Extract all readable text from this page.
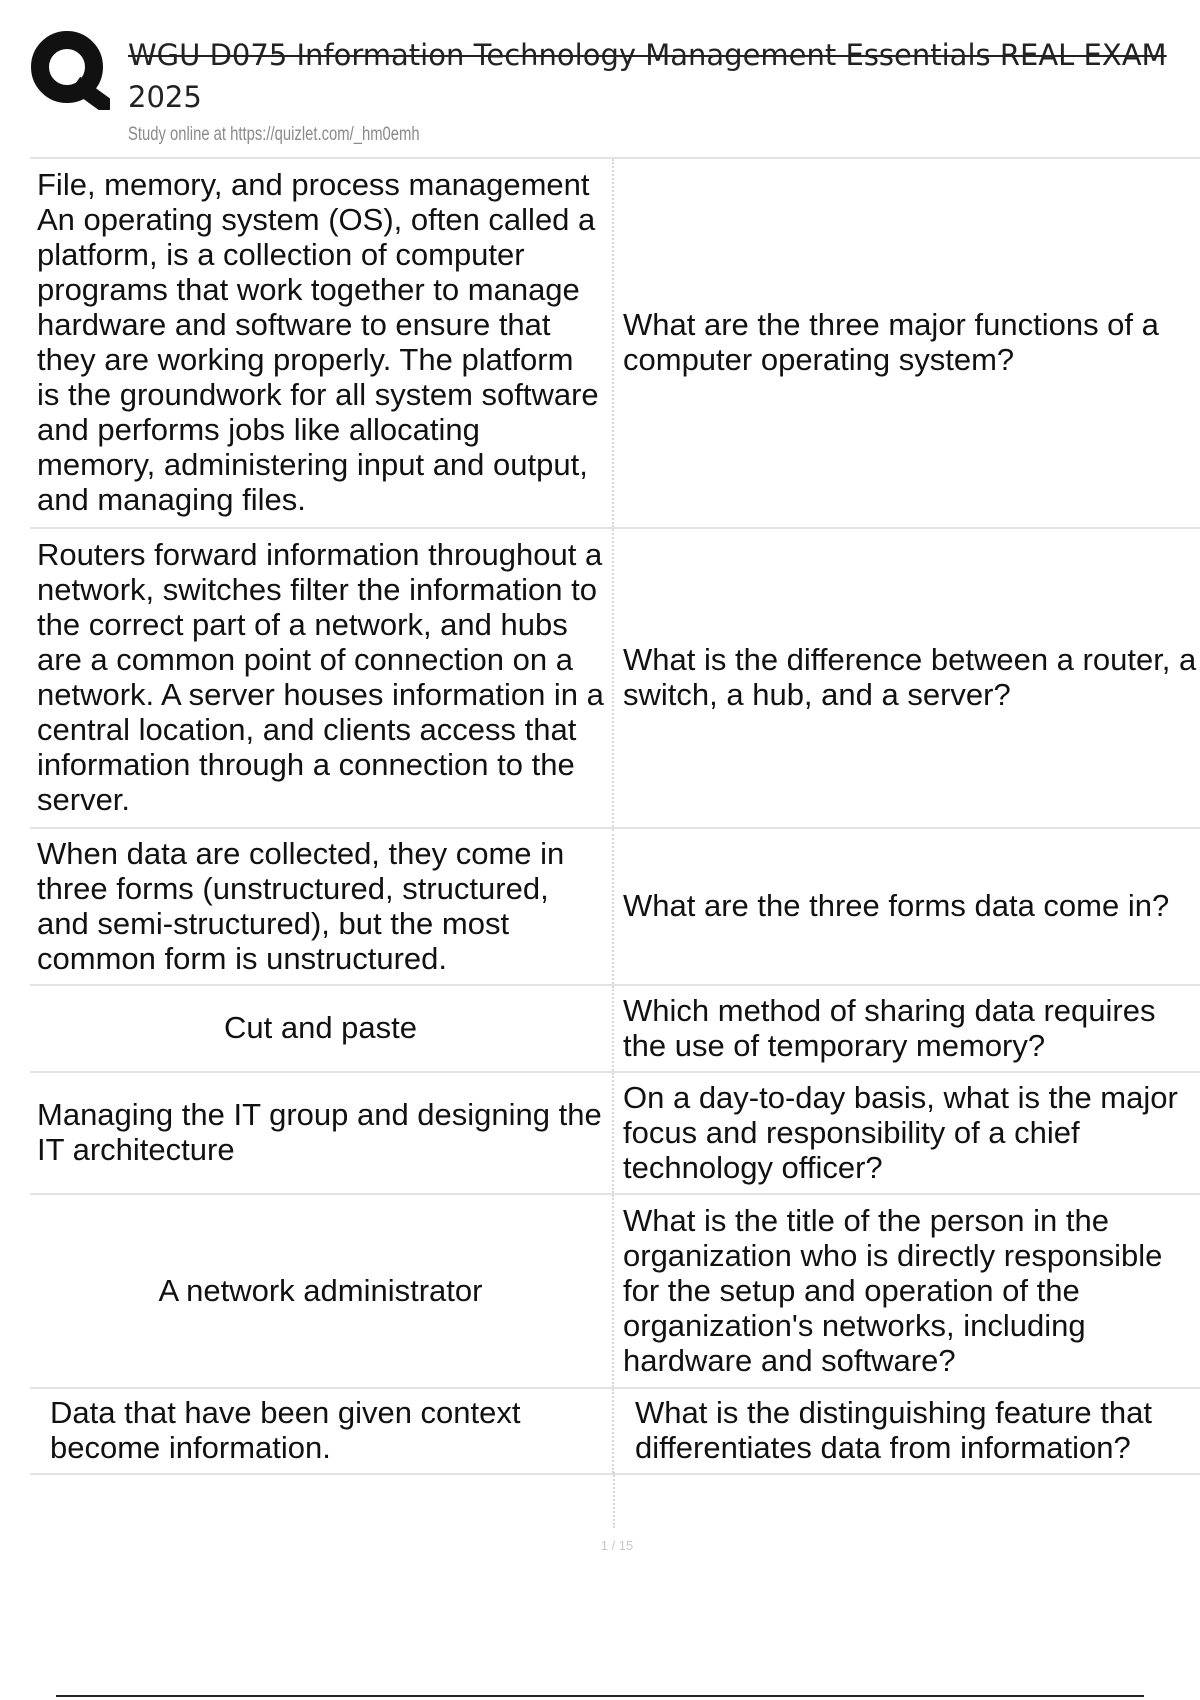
WGU D075 Information Technology Management Essentials REAL EXAM
2025
Study online at https://quizlet.com/_hm0emh
File, memory, and process management An operating system (OS), often called a platform, is a collection of computer programs that work together to manage hardware and software to ensure that they are working properly. The platform is the groundwork for all system software and performs jobs like allocating memory, administering input and output, and managing files.
What are the three major functions of a computer operating system?
Routers forward information throughout a network, switches filter the information to the correct part of a network, and hubs are a common point of connection on a network. A server houses information in a central location, and clients access that information through a connection to the server.
What is the difference between a router, a switch, a hub, and a server?
When data are collected, they come in three forms (unstructured, structured, and semi-structured), but the most common form is unstructured.
What are the three forms data come in?
Cut and paste	Which method of sharing data requires the use of temporary memory?
Managing the IT group and designing the IT architecture
On a day-to-day basis, what is the major focus and responsibility of a chief technology officer?
A network administrator
What is the title of the person in the organization who is directly responsible for the setup and operation of the organization's networks, including hardware and software?
Data that have been given context become information.
What is the distinguishing feature that differentiates data from information?
1 / 15
